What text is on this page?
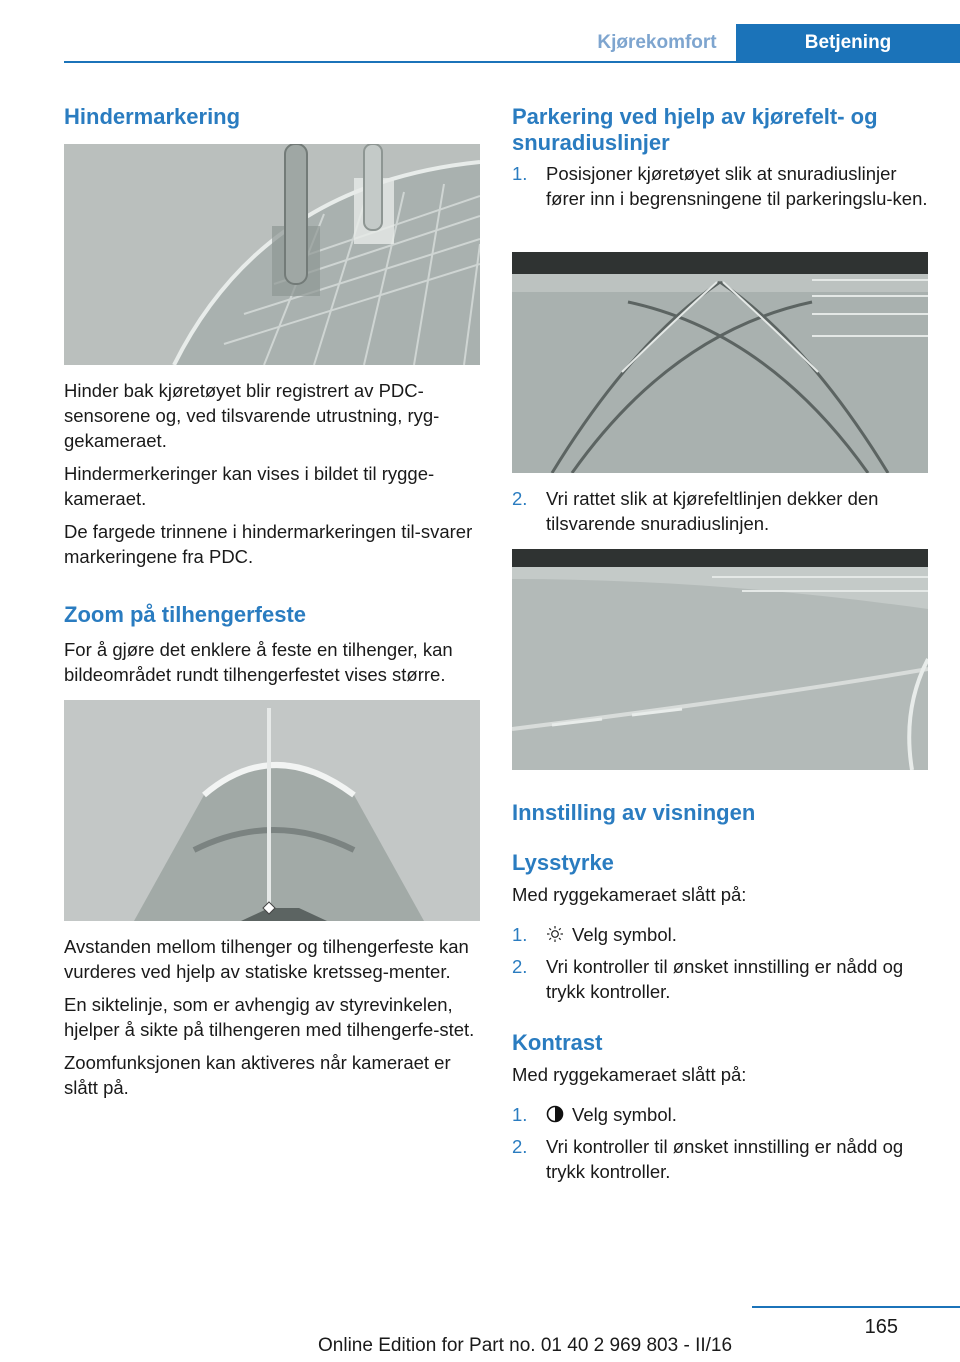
Kjørekomfort	Betjening
Hindermarkering

Hinder bak kjøretøyet blir registrert av PDC-sensorene og, ved tilsvarende utrustning, ryg-gekameraet.

Hindermerkeringer kan vises i bildet til rygge-kameraet.

De fargede trinnene i hindermarkeringen til-svarer markeringene fra PDC.

Zoom på tilhengerfeste

For å gjøre det enklere å feste en tilhenger, kan bildeområdet rundt tilhengerfestet vises større.

Avstanden mellom tilhenger og tilhengerfeste kan vurderes ved hjelp av statiske kretsseg-menter.

En siktelinje, som er avhengig av styrevinkelen, hjelper å sikte på tilhengeren med tilhengerfe-stet.

Zoomfunksjonen kan aktiveres når kameraet er slått på.

Parkering ved hjelp av kjørefelt- og snuradiuslinjer
1. Posisjoner kjøretøyet slik at snuradiuslinjer fører inn i begrensningene til parkeringslu-ken.
2. Vri rattet slik at kjørefeltlinjen dekker den tilsvarende snuradiuslinjen.
Innstilling av visningen
Lysstyrke

Med ryggekameraet slått på:

1. Velg symbol.
2. Vri kontroller til ønsket innstilling er nådd og trykk kontroller.
Kontrast

Med ryggekameraet slått på:

1. Velg symbol.
2. Vri kontroller til ønsket innstilling er nådd og trykk kontroller.
165
Online Edition for Part no. 01 40 2 969 803 - II/16
